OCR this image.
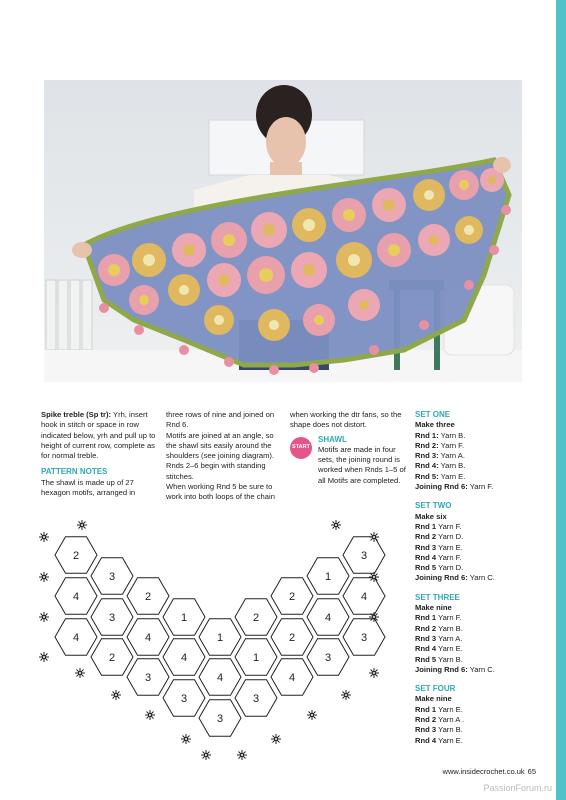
Spike treble (Sp tr): Yrh, insert hook in stitch or space in row indicated below, yrh and pull up to height of current row, complete as for normal treble.

PATTERN NOTES

The shawl is made up of 27 hexagon motifs, arranged in

three rows of nine and joined on Rnd 6.

Motifs are joined at an angle, so the shawl sits easily around the shoulders (see joining diagram).

Rnds 2–6 begin with standing stitches.

When working Rnd 5 be sure to work into both loops of the chain

when working the dtr fans, so the shape does not distort.

START

SHAWL

Motifs are made in four sets, the joining round is worked when Rnds 1–5 of all Motifs are completed.

SET ONE

Make three

Rnd 1: Yarn B.

Rnd 2: Yarn F.

Rnd 3: Yarn A.

Rnd 4: Yarn B.

Rnd 5: Yarn E.

Joining Rnd 6: Yarn F.

SET TWO

Make six

Rnd 1 Yarn F.

Rnd 2 Yarn D.

Rnd 3 Yarn E.

Rnd 4 Yarn F.

Rnd 5 Yarn D.

Joining Rnd 6: Yarn C.

SET THREE

Make nine

Rnd 1 Yarn F.

Rnd 2 Yarn B.

Rnd 3 Yarn A.

Rnd 4 Yarn E.

Rnd 5 Yarn B.

Joining Rnd 6: Yarn C.

SET FOUR

Make nine

Rnd 1 Yarn E.

Rnd 2 Yarn A .

Rnd 3 Yarn B.

Rnd 4 Yarn E.

2
3
4	2
3
4
1
4
2
3
4
1
3
4
3
1
2
3
4
2
2
3
4
1
3
4
3
www.insidecrochet.co.uk 65
PassionForum.ru
